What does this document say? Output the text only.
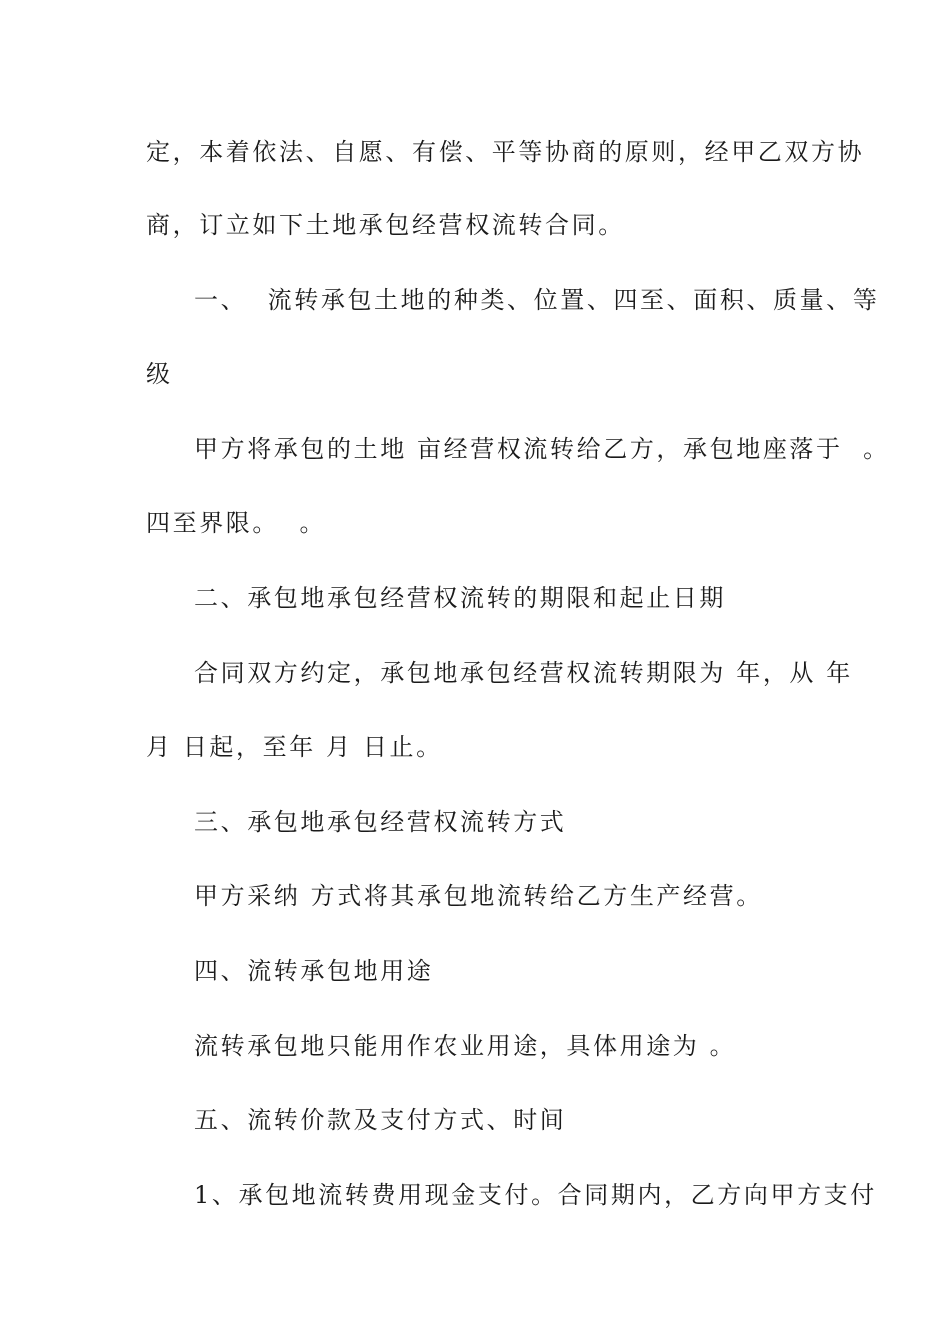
定，本着依法、自愿、有偿、平等协商的原则，经甲乙双方协
商，订立如下土地承包经营权流转合同。
一、  流转承包土地的种类、位置、四至、面积、质量、等
级
甲方将承包的土地 亩经营权流转给乙方，承包地座落于  。
四至界限。  。
二、承包地承包经营权流转的期限和起止日期
合同双方约定，承包地承包经营权流转期限为 年，从 年
月 日起，至年 月 日止。
三、承包地承包经营权流转方式
甲方采纳 方式将其承包地流转给乙方生产经营。
四、流转承包地用途
流转承包地只能用作农业用途，具体用途为 。
五、流转价款及支付方式、时间
1、承包地流转费用现金支付。合同期内，乙方向甲方支付
